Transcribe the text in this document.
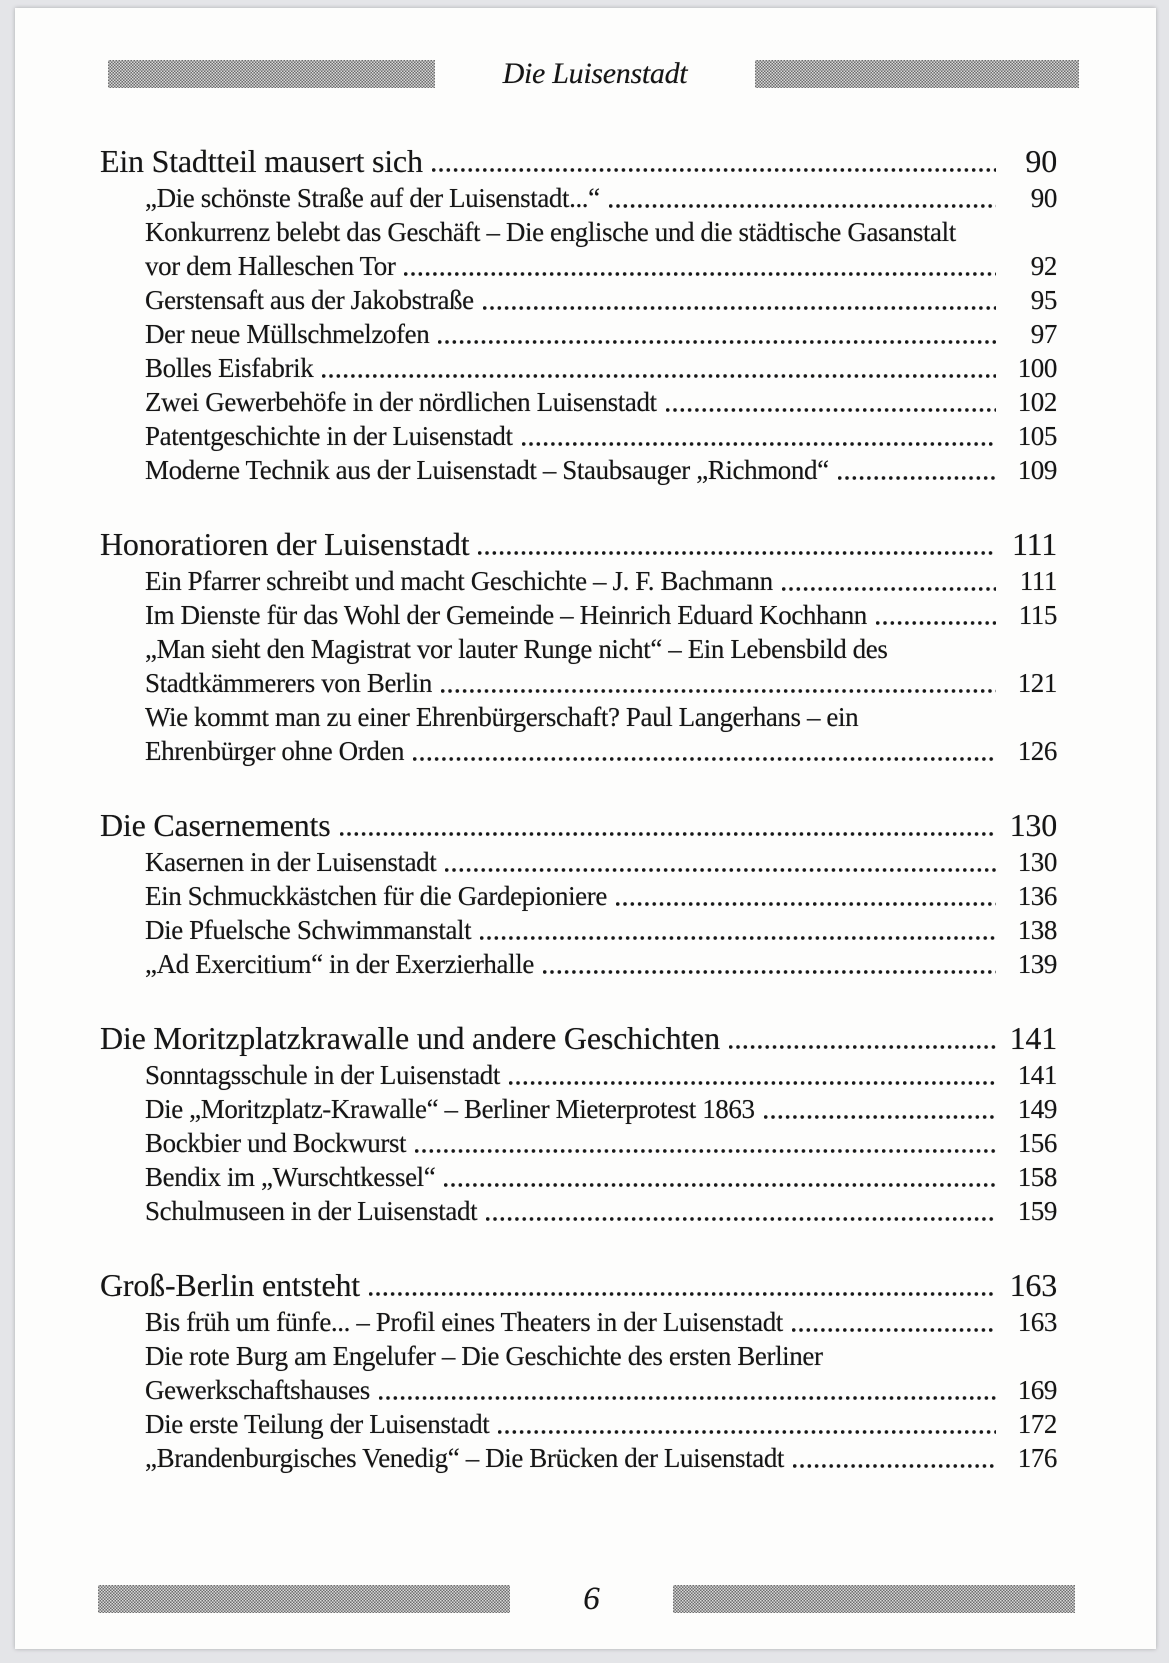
Die Luisenstadt
Ein Stadtteil mausert sich	90
„Die schönste Straße auf der Luisenstadt...“	90
Konkurrenz belebt das Geschäft – Die englische und die städtische Gasanstalt
vor dem Halleschen Tor	92
Gerstensaft aus der Jakobstraße	95
Der neue Müllschmelzofen	97
Bolles Eisfabrik	100
Zwei Gewerbehöfe in der nördlichen Luisenstadt	102
Patentgeschichte in der Luisenstadt	105
Moderne Technik aus der Luisenstadt – Staubsauger „Richmond“	109
Honoratioren der Luisenstadt	111
Ein Pfarrer schreibt und macht Geschichte – J. F. Bachmann	111
Im Dienste für das Wohl der Gemeinde – Heinrich Eduard Kochhann	115
„Man sieht den Magistrat vor lauter Runge nicht“ – Ein Lebensbild des
Stadtkämmerers von Berlin	121
Wie kommt man zu einer Ehrenbürgerschaft? Paul Langerhans – ein
Ehrenbürger ohne Orden	126
Die Casernements	130
Kasernen in der Luisenstadt	130
Ein Schmuckkästchen für die Gardepioniere	136
Die Pfuelsche Schwimmanstalt	138
„Ad Exercitium“ in der Exerzierhalle	139
Die Moritzplatzkrawalle und andere Geschichten	141
Sonntagsschule in der Luisenstadt	141
Die „Moritzplatz-Krawalle“ – Berliner Mieterprotest 1863	149
Bockbier und Bockwurst	156
Bendix im „Wurschtkessel“	158
Schulmuseen in der Luisenstadt	159
Groß-Berlin entsteht	163
Bis früh um fünfe... – Profil eines Theaters in der Luisenstadt	163
Die rote Burg am Engelufer – Die Geschichte des ersten Berliner
Gewerkschaftshauses	169
Die erste Teilung der Luisenstadt	172
„Brandenburgisches Venedig“ – Die Brücken der Luisenstadt	176
6
